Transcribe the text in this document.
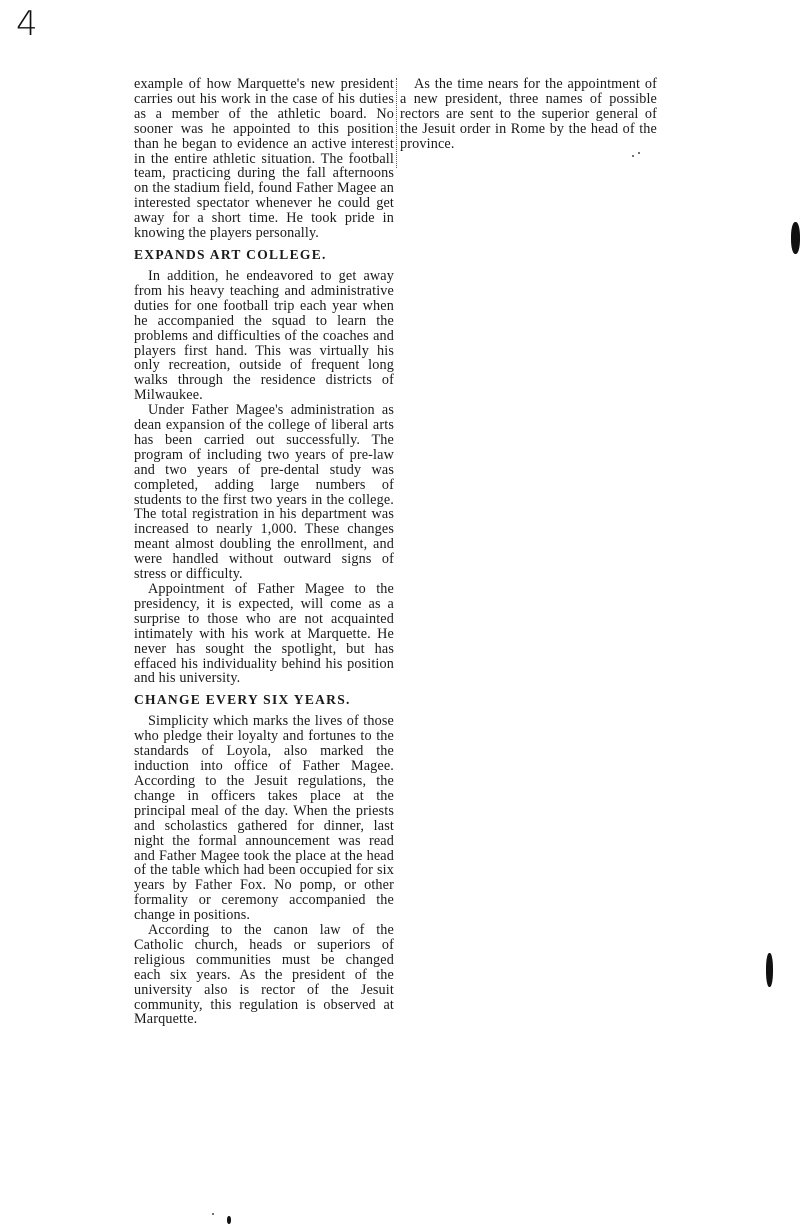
4

example of how Marquette's new president carries out his work in the case of his duties as a member of the athletic board. No sooner was he appointed to this position than he began to evidence an active interest in the entire athletic situation. The football team, practicing during the fall afternoons on the stadium field, found Father Magee an interested spectator whenever he could get away for a short time. He took pride in knowing the players personally.

EXPANDS ART COLLEGE.

In addition, he endeavored to get away from his heavy teaching and administrative duties for one football trip each year when he accompanied the squad to learn the problems and difficulties of the coaches and players first hand. This was virtually his only recreation, outside of frequent long walks through the residence districts of Milwaukee.

Under Father Magee's administration as dean expansion of the college of liberal arts has been carried out successfully. The program of including two years of pre-law and two years of pre-dental study was completed, adding large numbers of students to the first two years in the college. The total registration in his department was increased to nearly 1,000. These changes meant almost doubling the enrollment, and were handled without outward signs of stress or difficulty.

Appointment of Father Magee to the presidency, it is expected, will come as a surprise to those who are not acquainted intimately with his work at Marquette. He never has sought the spotlight, but has effaced his individuality behind his position and his university.

CHANGE EVERY SIX YEARS.

Simplicity which marks the lives of those who pledge their loyalty and fortunes to the standards of Loyola, also marked the induction into office of Father Magee. According to the Jesuit regulations, the change in officers takes place at the principal meal of the day. When the priests and scholastics gathered for dinner, last night the formal announcement was read and Father Magee took the place at the head of the table which had been occupied for six years by Father Fox. No pomp, or other formality or ceremony accompanied the change in positions.

According to the canon law of the Catholic church, heads or superiors of religious communities must be changed each six years. As the president of the university also is rector of the Jesuit community, this regulation is observed at Marquette.

As the time nears for the appointment of a new president, three names of possible rectors are sent to the superior general of the Jesuit order in Rome by the head of the province.
